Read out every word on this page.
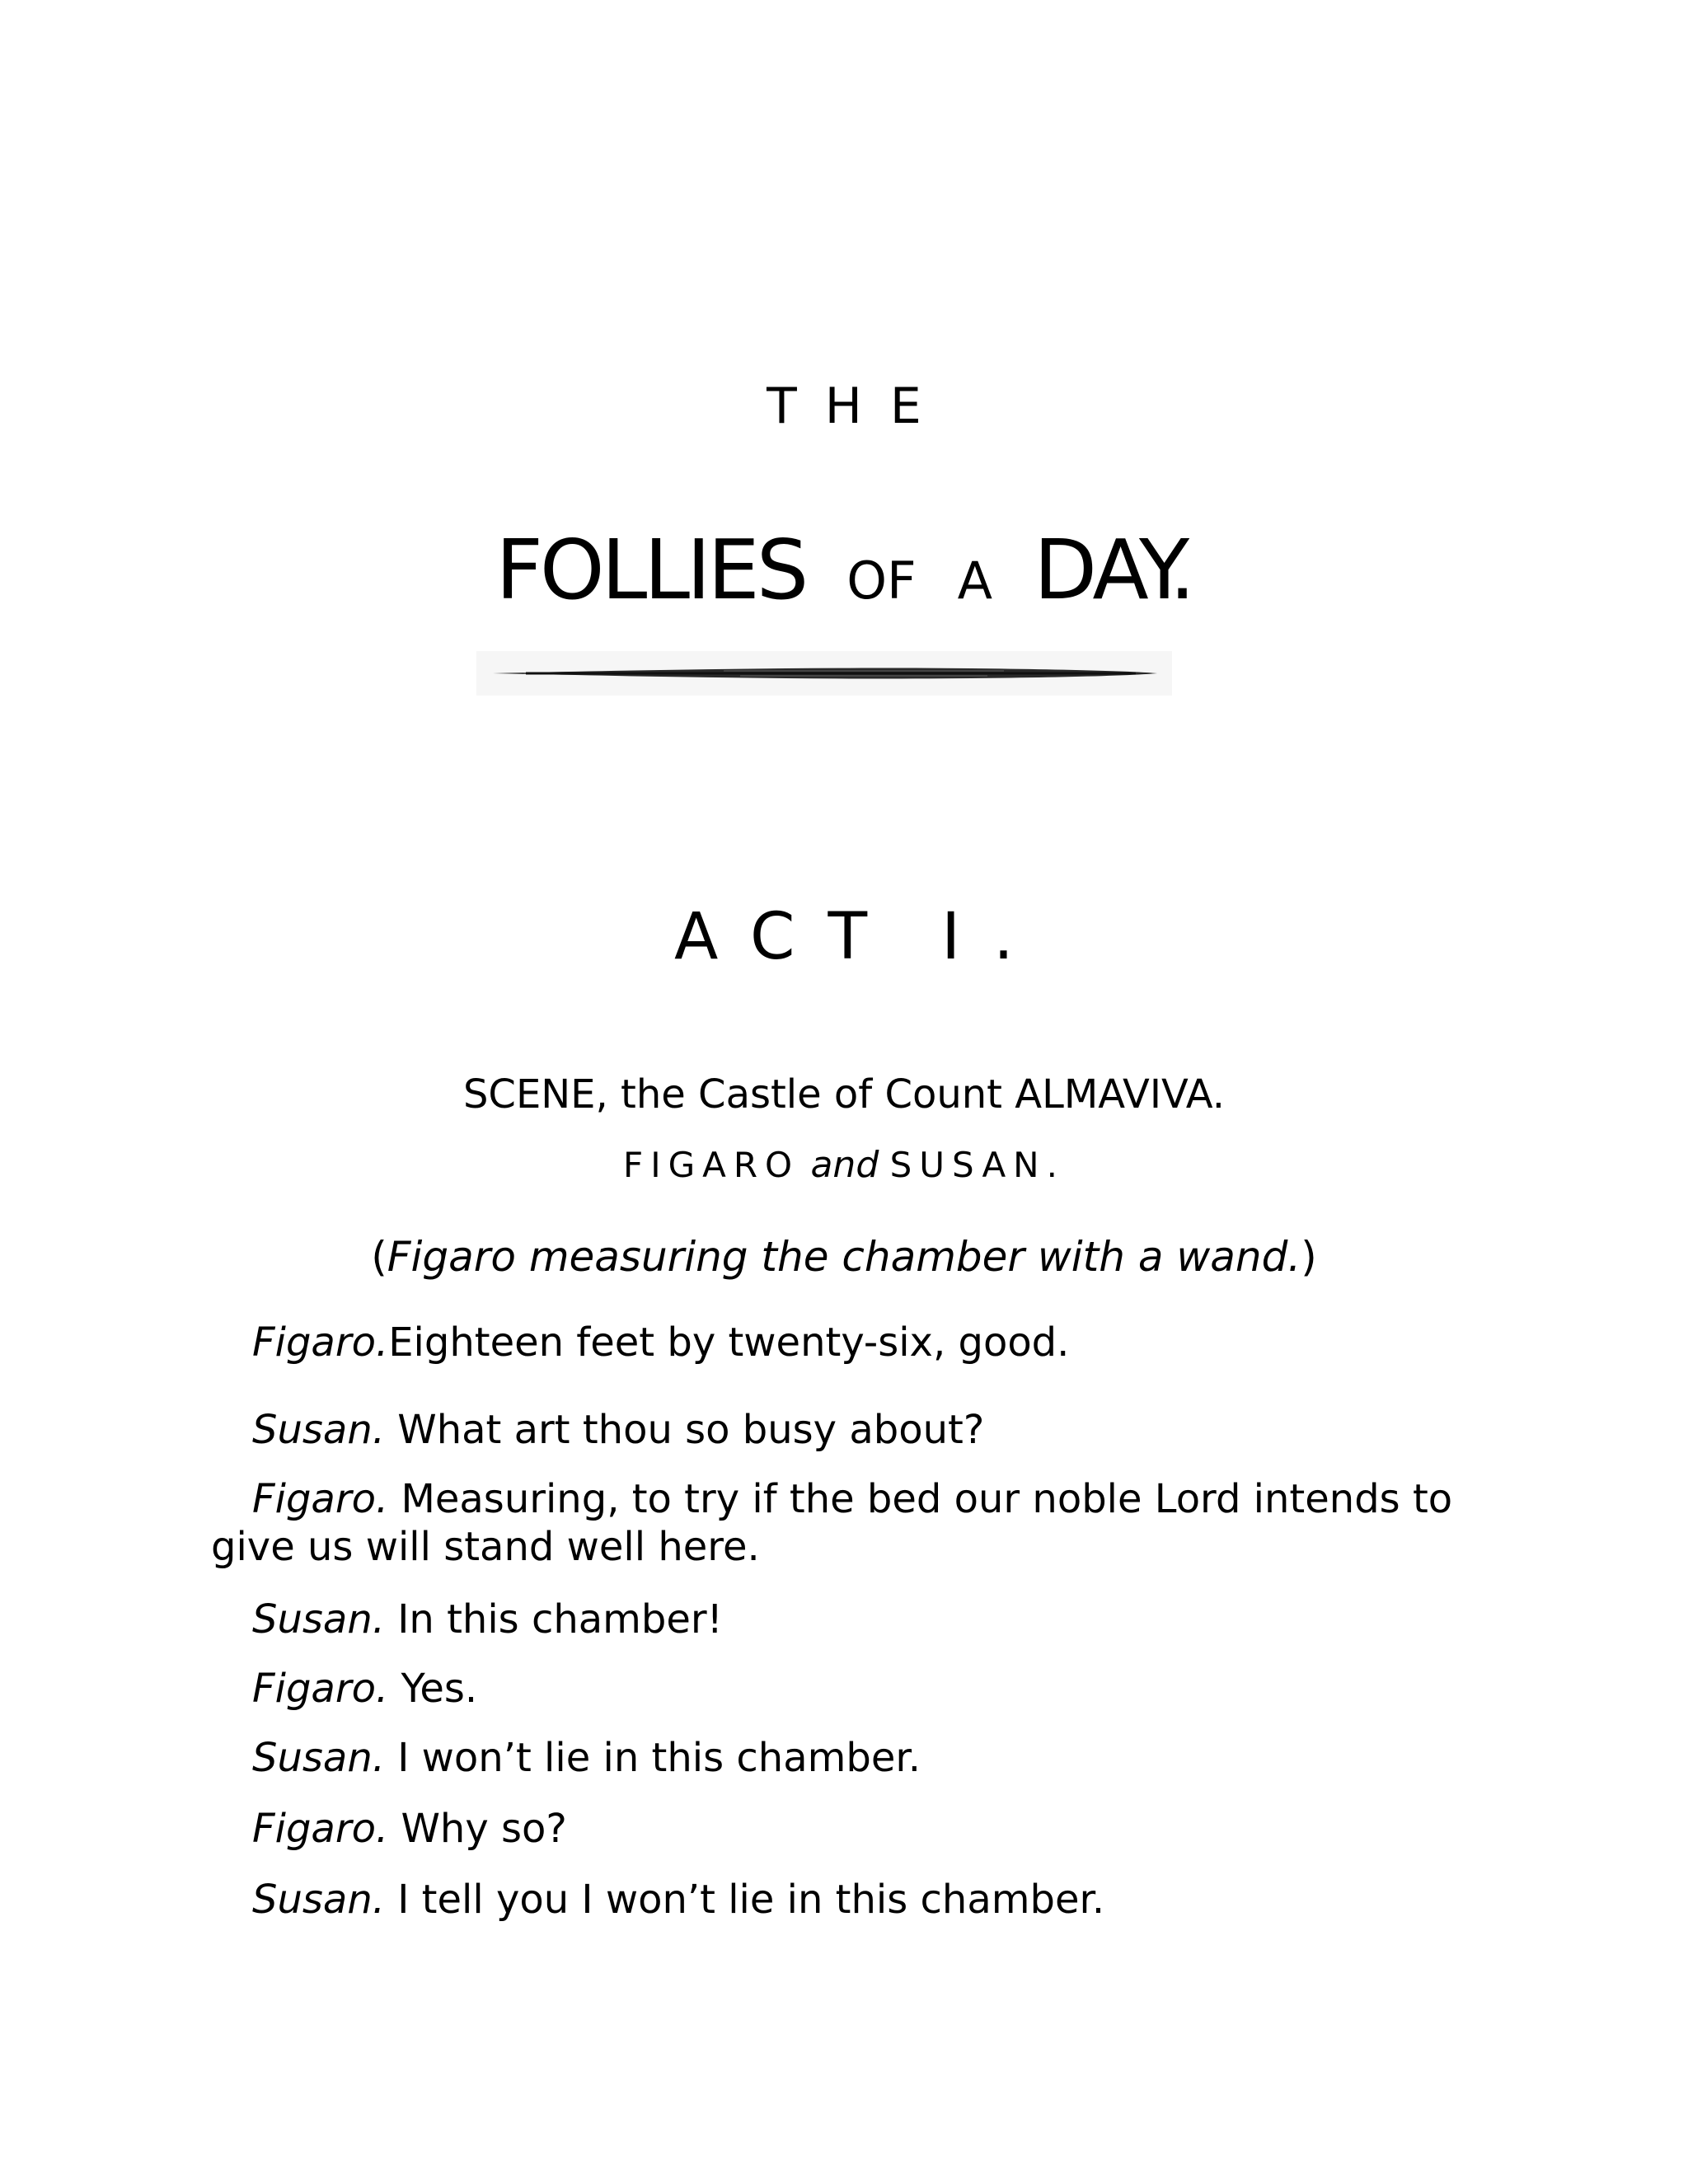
THE
FOLLIES OF A DAY.
ACT I.
SCENE, the Castle of Count ALMAVIVA.
FIGARO and SUSAN.
(Figaro measuring the chamber with a wand.)
Figaro.Eighteen feet by twenty-six, good.
Susan. What art thou so busy about?
Figaro. Measuring, to try if the bed our noble Lord intends to give us will stand well here.
Susan. In this chamber!
Figaro. Yes.
Susan. I won’t lie in this chamber.
Figaro. Why so?
Susan. I tell you I won’t lie in this chamber.
